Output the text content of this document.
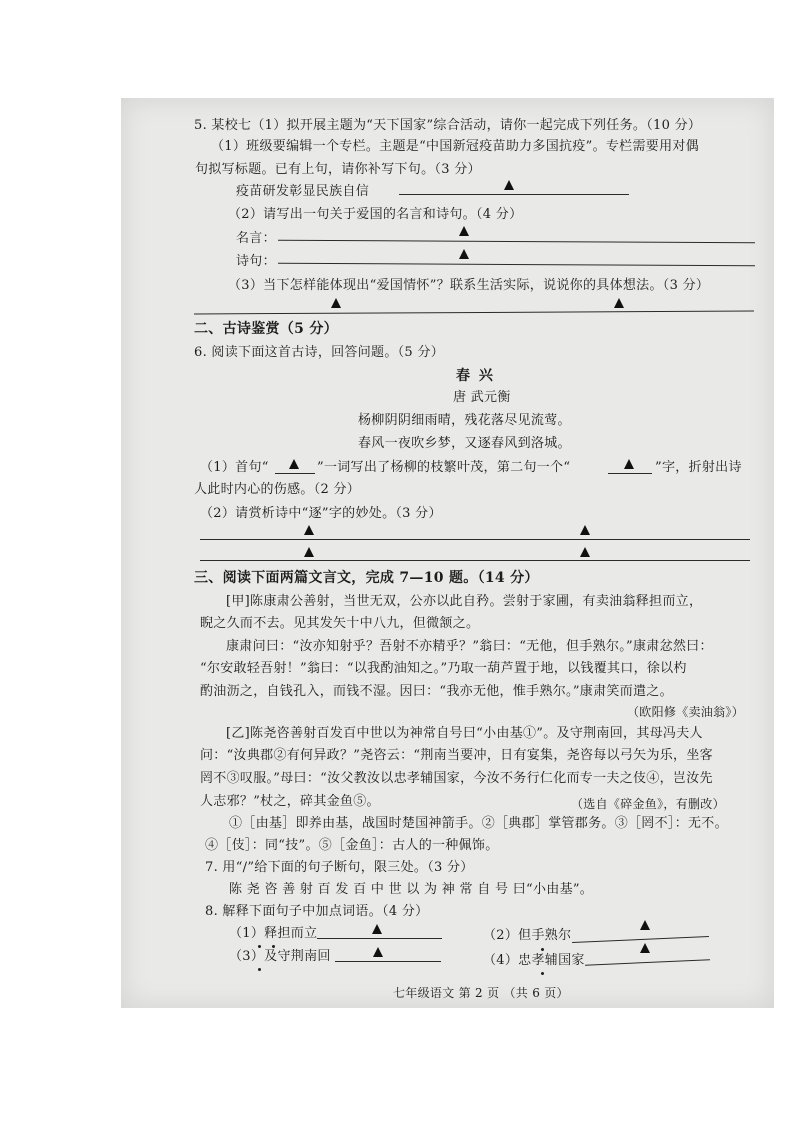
5. 某校七（1）拟开展主题为“天下国家”综合活动，请你一起完成下列任务。（10 分）
（1）班级要编辑一个专栏。主题是“中国新冠疫苗助力多国抗疫”。专栏需要用对偶
句拟写标题。已有上句，请你补写下句。（3 分）
疫苗研发彰显民族自信
（2）请写出一句关于爱国的名言和诗句。（4 分）
名言：
诗句：
（3）当下怎样能体现出“爱国情怀”？联系生活实际，说说你的具体想法。（3 分）
二、古诗鉴赏（5 分）
6. 阅读下面这首古诗，回答问题。（5 分）
春 兴
唐 武元衡
杨柳阴阴细雨晴，残花落尽见流莺。
春风一夜吹乡梦，又逐春风到洛城。
（1）首句“	”一词写出了杨柳的枝繁叶茂，第二句一个“	”字，折射出诗
人此时内心的伤感。（2 分）
（2）请赏析诗中“逐”字的妙处。（3 分）
三、阅读下面两篇文言文，完成 7—10 题。（14 分）
[甲]陈康肃公善射，当世无双，公亦以此自矜。尝射于家圃，有卖油翁释担而立，
睨之久而不去。见其发矢十中八九，但微颔之。
康肃问曰：“汝亦知射乎？吾射不亦精乎？”翁曰：“无他，但手熟尔。”康肃忿然曰：
“尔安敢轻吾射！”翁曰：“以我酌油知之。”乃取一葫芦置于地，以钱覆其口，徐以杓
酌油沥之，自钱孔入，而钱不湿。因曰：“我亦无他，惟手熟尔。”康肃笑而遣之。
（欧阳修《卖油翁》）
[乙]陈尧咨善射百发百中世以为神常自号曰“小由基①”。及守荆南回，其母冯夫人
问：“汝典郡②有何异政？”尧咨云：“荆南当要冲，日有宴集，尧咨每以弓矢为乐，坐客
罔不③叹服。”母曰：“汝父教汝以忠孝辅国家，今汝不务行仁化而专一夫之伎④，岂汝先
人志邪？”杖之，碎其金鱼⑤。	（选自《碎金鱼》，有删改）
①［由基］即养由基，战国时楚国神箭手。②［典郡］掌管郡务。③［罔不］：无不。
④［伎］：同“技”。⑤［金鱼］：古人的一种佩饰。
7. 用“/”给下面的句子断句，限三处。（3 分）
陈 尧 咨 善 射 百 发 百 中 世 以 为 神 常 自 号 曰“小由基”。
8. 解释下面句子中加点词语。（4 分）
（1）释担而立	（2）但手熟尔
（3）及守荆南回	（4）忠孝辅国家
七年级语文 第 2 页 （共 6 页）
